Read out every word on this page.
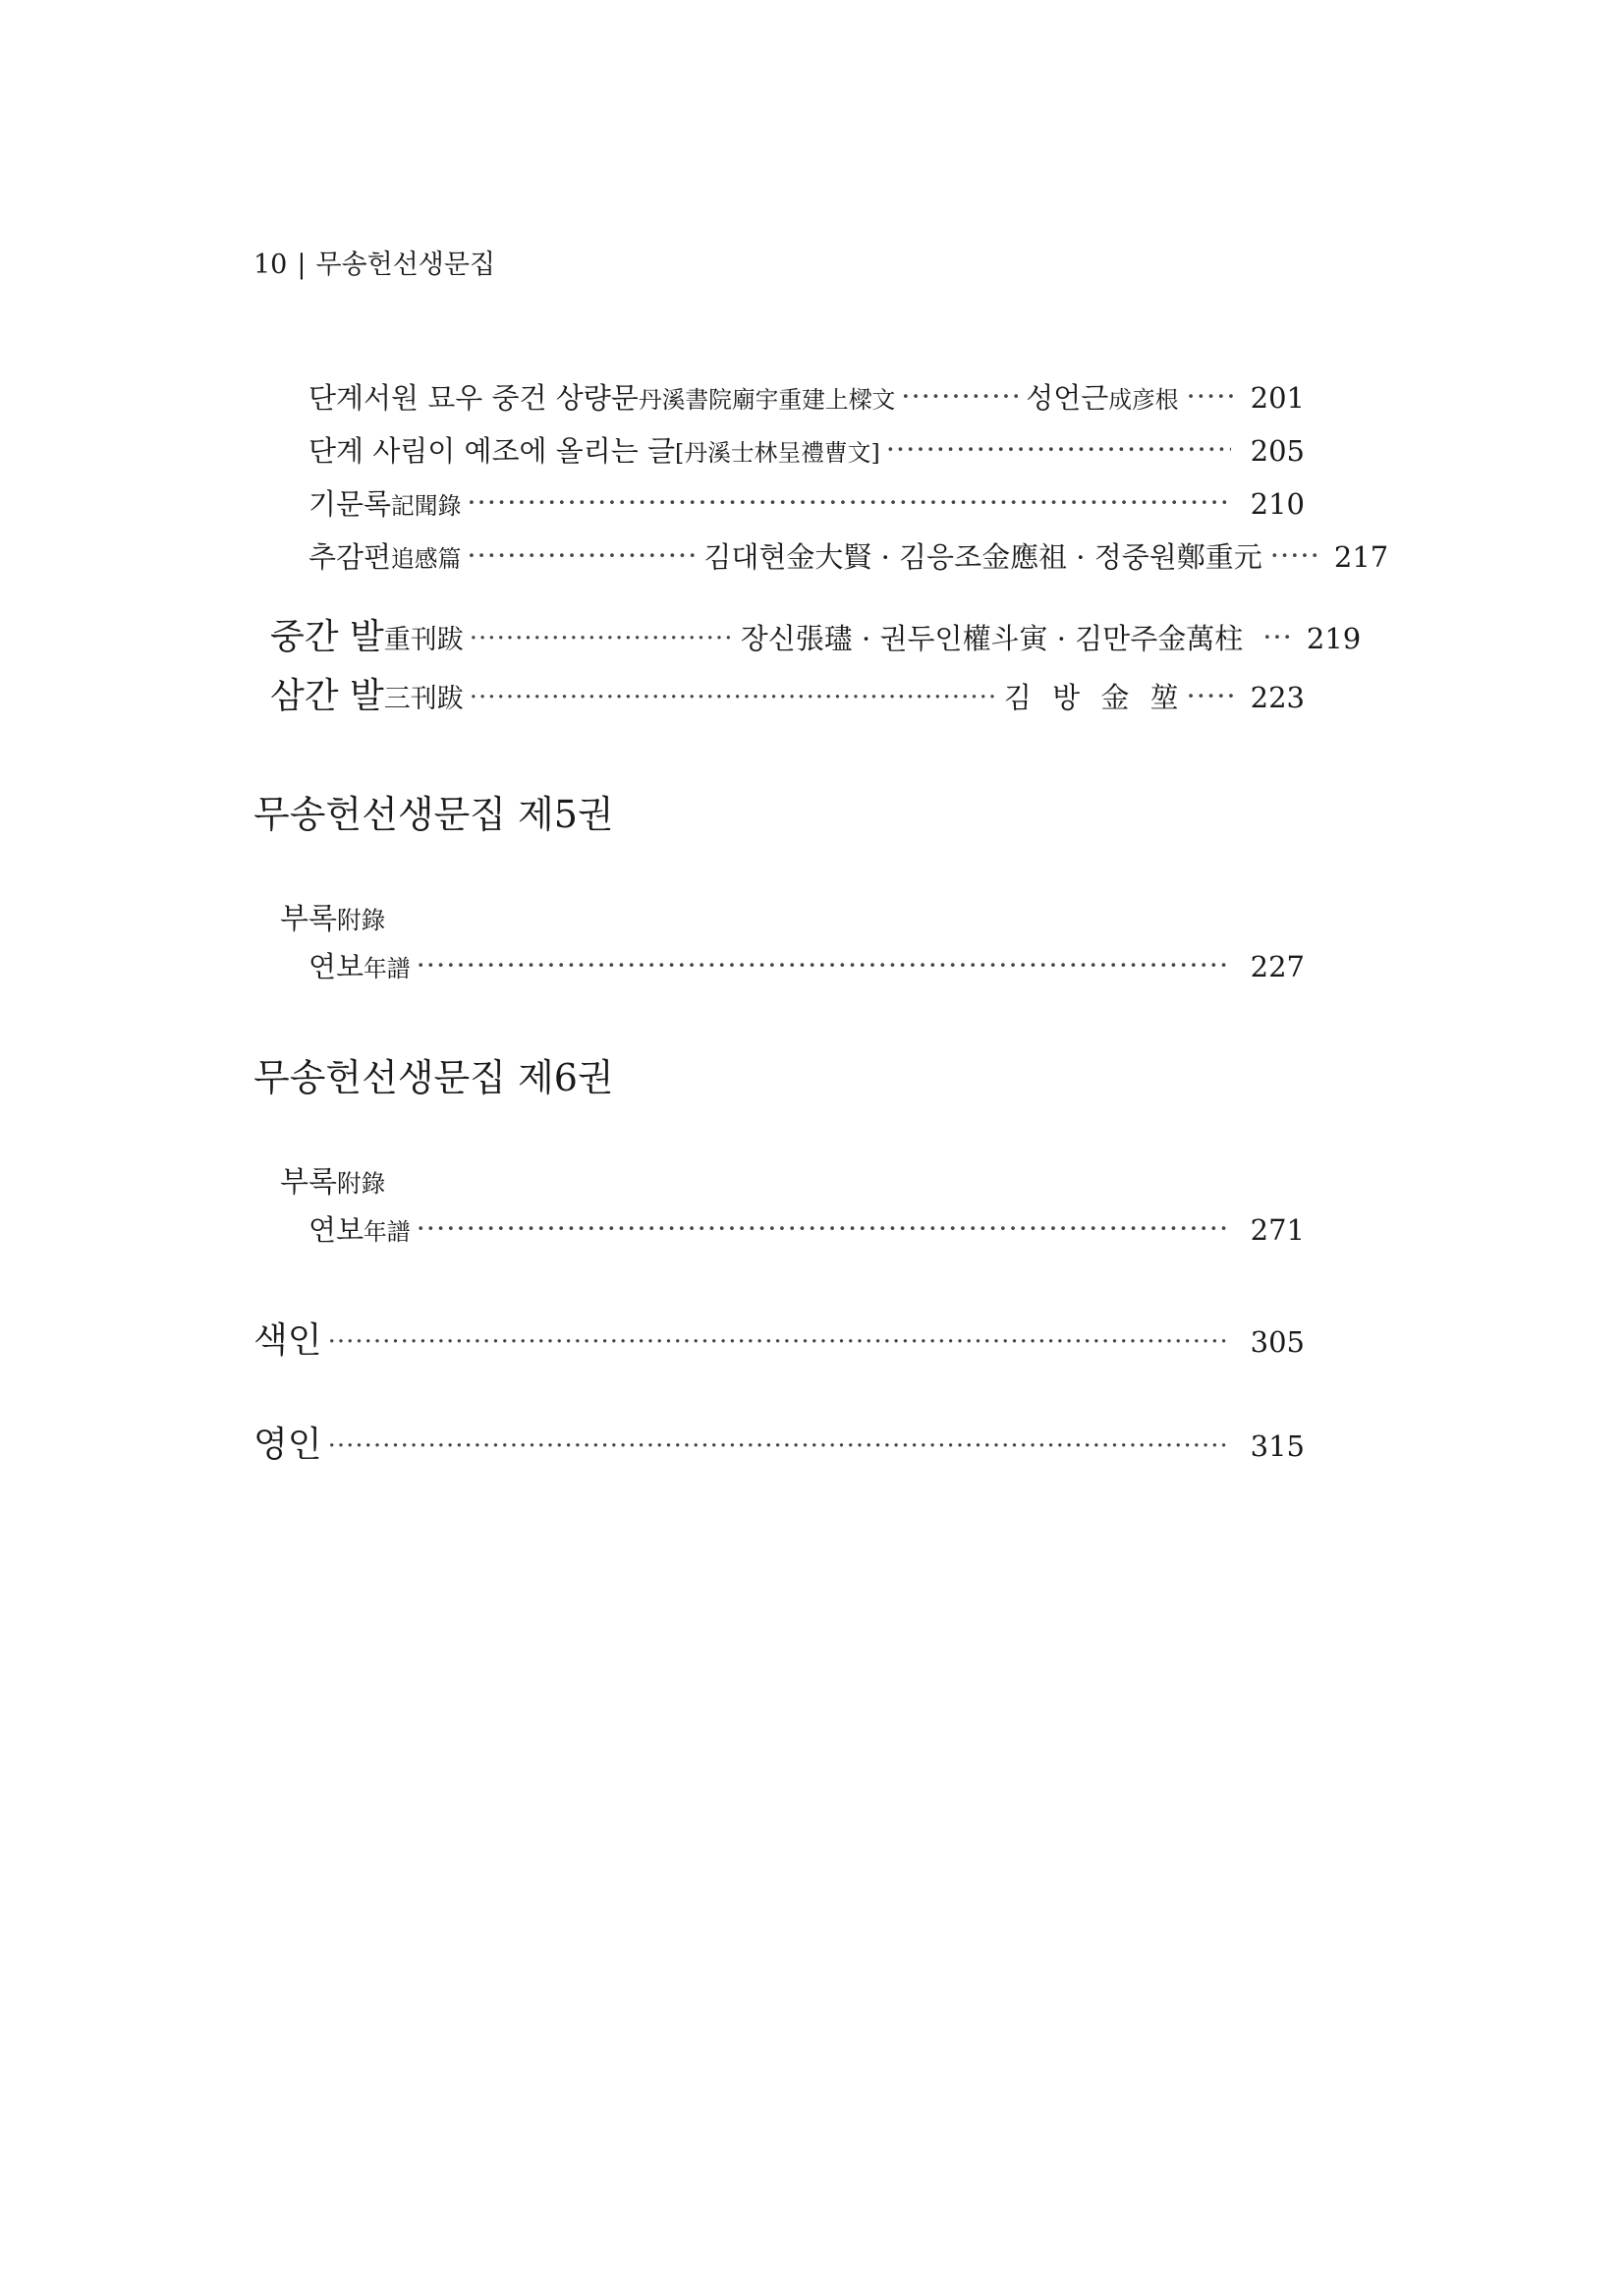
10 | 무송헌선생문집
단계서원 묘우 중건 상량문丹溪書院廟宇重建上樑文 ·····	성언근成彦根 ····· 201
단계 사림이 예조에 올리는 글[丹溪士林呈禮曹文] ·····	205
기문록記聞錄 ·····	210
추감편追感篇 ·····	김대현金大賢 · 김응조金應祖 · 정중원鄭重元 ····· 217
중간 발重刊跋 ·····	장신張璶 · 권두인權斗寅 · 김만주金萬柱 ··· 219
삼간 발三刊跋 ·····	김 방 金 堃 ····· 223
무송헌선생문집 제5권
부록附錄
연보年譜 ·····	227
무송헌선생문집 제6권
부록附錄
연보年譜 ·····	271
색인 ·····	305
영인 ·····	315
